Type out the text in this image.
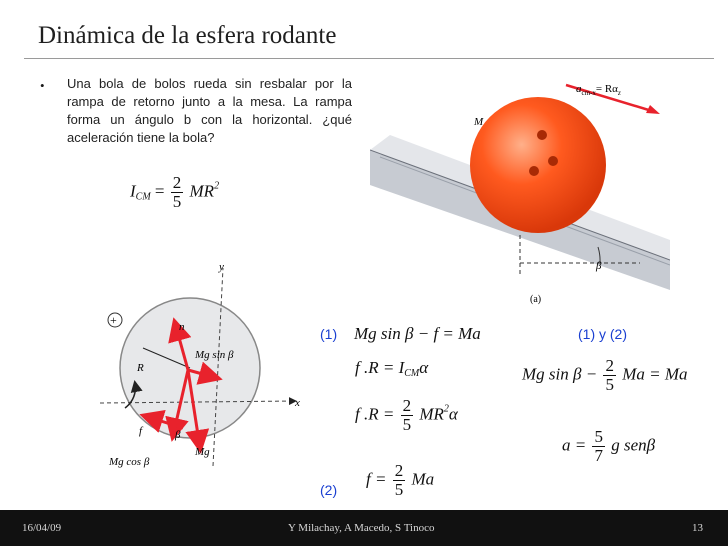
Dinámica de la esfera rodante
• Una bola de bolos rueda sin resbalar por la rampa de retorno junto a la mesa. La rampa forma un ángulo b con la horizontal. ¿qué aceleración tiene la bola?
$I_{CM} = \frac{2}{5} MR^2$
β
(a)
M
$a_{cm-x}= R\alpha_z$
y
x
+
R
n
Mg sin β
Mg
Mg cos β
f	β
(1) Mg sin β − f = Ma
f $.R = I_{CM}\alpha$
f $.R = \frac{2}{5} MR^2\alpha$
(2)
$f = \frac{2}{5}$ Ma
(1) y (2)
Mg $\sin \beta - \frac{2}{5}$ Ma = Ma
$a = \frac{5}{7}$ g senβ
16/04/09	Y Milachay, A Macedo, S Tinoco	13
